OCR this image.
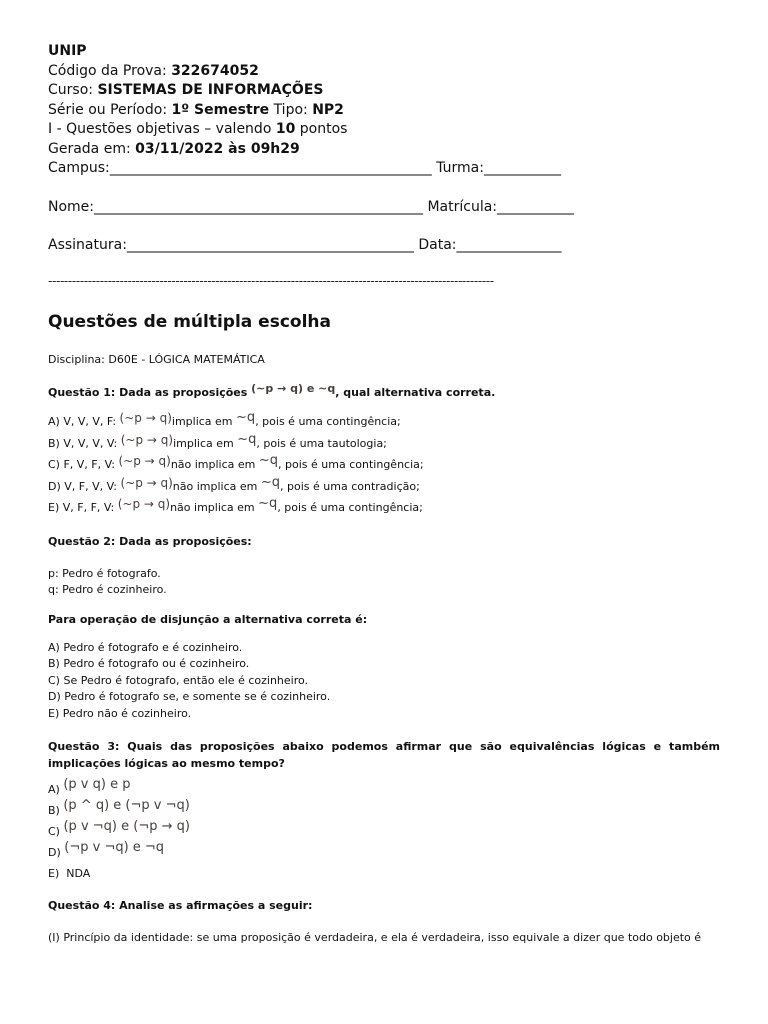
UNIP
Código da Prova: 322674052
Curso: SISTEMAS DE INFORMAÇÕES
Série ou Período: 1º Semestre Tipo: NP2
I - Questões objetivas – valendo 10 pontos
Gerada em: 03/11/2022 às 09h29
Campus:______________________________________________ Turma:___________
Nome:_______________________________________________ Matrícula:___________
Assinatura:_________________________________________ Data:_______________
----------------------------------------------------------------------------------------------------------------
Questões de múltipla escolha
Disciplina: D60E - LÓGICA MATEMÁTICA
Questão 1: Dada as proposições (~p → q) e ~q, qual alternativa correta.
A) V, V, V, F: (~p → q)implica em ~q, pois é uma contingência;
B) V, V, V, V: (~p → q)implica em ~q, pois é uma tautologia;
C) F, V, F, V: (~p → q)não implica em ~q, pois é uma contingência;
D) V, F, V, V: (~p → q)não implica em ~q, pois é uma contradição;
E) V, F, F, V: (~p → q)não implica em ~q, pois é uma contingência;
Questão 2: Dada as proposições:
p: Pedro é fotografo.
q: Pedro é cozinheiro.
Para operação de disjunção a alternativa correta é:
A) Pedro é fotografo e é cozinheiro.
B) Pedro é fotografo ou é cozinheiro.
C) Se Pedro é fotografo, então ele é cozinheiro.
D) Pedro é fotografo se, e somente se é cozinheiro.
E) Pedro não é cozinheiro.
Questão 3: Quais das proposições abaixo podemos afirmar que são equivalências lógicas e também implicações lógicas ao mesmo tempo?
A) (p v q) e p
B) (p ^ q) e (¬p v ¬q)
C) (p v ¬q) e (¬p → q)
D) (¬p v ¬q) e ¬q
E) NDA
Questão 4: Analise as afirmações a seguir:
(I) Princípio da identidade: se uma proposição é verdadeira, e ela é verdadeira, isso equivale a dizer que todo objeto é
